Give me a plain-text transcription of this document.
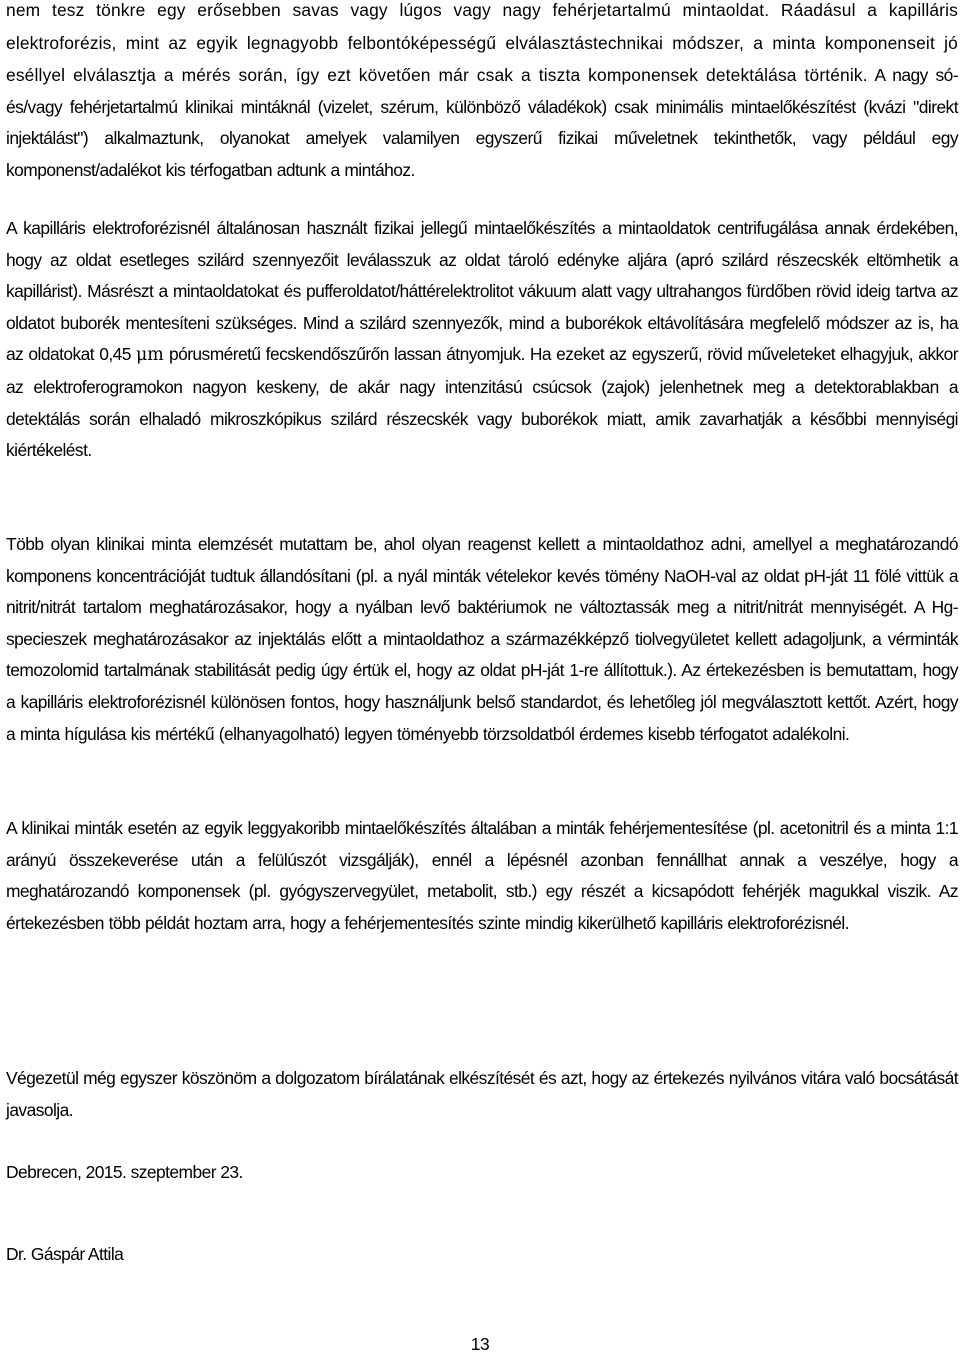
nem tesz tönkre egy erősebben savas vagy lúgos vagy nagy fehérjetartalmú mintaoldat. Ráadásul a kapilláris elektroforézis, mint az egyik legnagyobb felbontóképességű elválasztástechnikai módszer, a minta komponenseit jó eséllyel elválasztja a mérés során, így ezt követően már csak a tiszta komponensek detektálása történik. A nagy só- és/vagy fehérjetartalmú klinikai mintáknál (vizelet, szérum, különböző váladékok) csak minimális mintaelőkészítést (kvázi "direkt injektálást") alkalmaztunk, olyanokat amelyek valamilyen egyszerű fizikai műveletnek tekinthetők, vagy például egy komponenst/adalékot kis térfogatban adtunk a mintához.

A kapilláris elektroforézisnél általánosan használt fizikai jellegű mintaelőkészítés a mintaoldatok centrifugálása annak érdekében, hogy az oldat esetleges szilárd szennyezőit leválasszuk az oldat tároló edényke aljára (apró szilárd részecskék eltömhetik a kapillárist). Másrészt a mintaoldatokat és pufferoldatot/háttérelektrolitot vákuum alatt vagy ultrahangos fürdőben rövid ideig tartva az oldatot buborék mentesíteni szükséges. Mind a szilárd szennyezők, mind a buborékok eltávolítására megfelelő módszer az is, ha az oldatokat 0,45 μm pórusméretű fecskendőszűrőn lassan átnyomjuk. Ha ezeket az egyszerű, rövid műveleteket elhagyjuk, akkor az elektroferogramokon nagyon keskeny, de akár nagy intenzitású csúcsok (zajok) jelenhetnek meg a detektorablakban a detektálás során elhaladó mikroszkópikus szilárd részecskék vagy buborékok miatt, amik zavarhatják a későbbi mennyiségi kiértékelést.

Több olyan klinikai minta elemzését mutattam be, ahol olyan reagenst kellett a mintaoldathoz adni, amellyel a meghatározandó komponens koncentrációját tudtuk állandósítani (pl. a nyál minták vételekor kevés tömény NaOH-val az oldat pH-ját 11 fölé vittük a nitrit/nitrát tartalom meghatározásakor, hogy a nyálban levő baktériumok ne változtassák meg a nitrit/nitrát mennyiségét. A Hg-specieszek meghatározásakor az injektálás előtt a mintaoldathoz a származékképző tiolvegyületet kellett adagoljunk, a vérminták temozolomid tartalmának stabilitását pedig úgy értük el, hogy az oldat pH-ját 1-re állítottuk.). Az értekezésben is bemutattam, hogy a kapilláris elektroforézisnél különösen fontos, hogy használjunk belső standardot, és lehetőleg jól megválasztott kettőt. Azért, hogy a minta hígulása kis mértékű (elhanyagolható) legyen töményebb törzsoldatból érdemes kisebb térfogatot adalékolni.

A klinikai minták esetén az egyik leggyakoribb mintaelőkészítés általában a minták fehérjementesítése (pl. acetonitril és a minta 1:1 arányú összekeverése után a felülúszót vizsgálják), ennél a lépésnél azonban fennállhat annak a veszélye, hogy a meghatározandó komponensek (pl. gyógyszervegyület, metabolit, stb.) egy részét a kicsapódott fehérjék magukkal viszik. Az értekezésben több példát hoztam arra, hogy a fehérjementesítés szinte mindig kikerülhető kapilláris elektroforézisnél.

Végezetül még egyszer köszönöm a dolgozatom bírálatának elkészítését és azt, hogy az értekezés nyilvános vitára való bocsátását javasolja.

Debrecen, 2015. szeptember 23.

Dr. Gáspár Attila

13
